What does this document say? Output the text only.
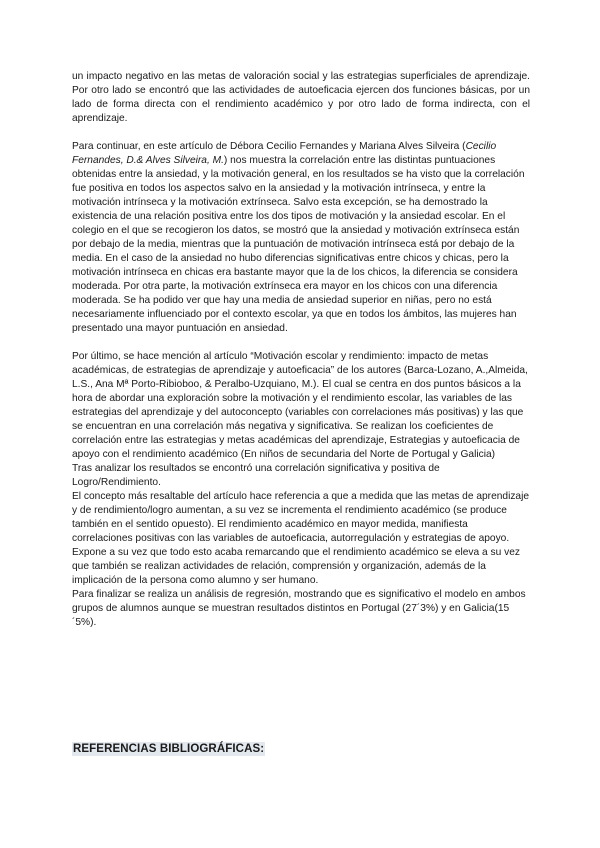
un impacto negativo en las metas de valoración social y las estrategias superficiales de aprendizaje. Por otro lado se encontró que las actividades de autoeficacia ejercen dos funciones básicas, por un lado de forma directa con el rendimiento académico y por otro lado de forma indirecta, con el aprendizaje.

Para continuar, en este artículo de Débora Cecilio Fernandes y Mariana Alves Silveira (Cecilio Fernandes, D.& Alves Silveira, M.) nos muestra la correlación entre las distintas puntuaciones obtenidas entre la ansiedad, y la motivación general, en los resultados se ha visto que la correlación fue positiva en todos los aspectos salvo en la ansiedad y la motivación intrínseca, y entre la motivación intrínseca y la motivación extrínseca. Salvo esta excepción, se ha demostrado la existencia de una relación positiva entre los dos tipos de motivación y la ansiedad escolar. En el colegio en el que se recogieron los datos, se mostró que la ansiedad y motivación extrínseca están por debajo de la media, mientras que la puntuación de motivación intrínseca está por debajo de la media. En el caso de la ansiedad no hubo diferencias significativas entre chicos y chicas, pero la motivación intrínseca en chicas era bastante mayor que la de los chicos, la diferencia se considera moderada. Por otra parte, la motivación extrínseca era mayor en los chicos con una diferencia moderada. Se ha podido ver que hay una media de ansiedad superior en niñas, pero no está necesariamente influenciado por el contexto escolar, ya que en todos los ámbitos, las mujeres han presentado una mayor puntuación en ansiedad.

Por último, se hace mención al artículo “Motivación escolar y rendimiento: impacto de metas académicas, de estrategias de aprendizaje y autoeficacia” de los autores (Barca-Lozano, A.,Almeida, L.S., Ana Mª Porto-Ribioboo, & Peralbo-Uzquiano, M.). El cual se centra en dos puntos básicos a la hora de abordar una exploración sobre la motivación y el rendimiento escolar, las variables de las estrategias del aprendizaje y del autoconcepto (variables con correlaciones más positivas) y las que se encuentran en una correlación más negativa y significativa. Se realizan los coeficientes de correlación entre las estrategias y metas académicas del aprendizaje, Estrategias y autoeficacia de apoyo con el rendimiento académico (En niños de secundaria del Norte de Portugal y Galicia)

Tras analizar los resultados se encontró una correlación significativa y positiva de Logro/Rendimiento.

El concepto más resaltable del artículo hace referencia a que a medida que las metas de aprendizaje y de rendimiento/logro aumentan, a su vez se incrementa el rendimiento académico (se produce también en el sentido opuesto). El rendimiento académico en mayor medida, manifiesta correlaciones positivas con las variables de autoeficacia, autorregulación y estrategias de apoyo.

Expone a su vez que todo esto acaba remarcando que el rendimiento académico se eleva a su vez que también se realizan actividades de relación, comprensión y organización, además de la implicación de la persona como alumno y ser humano.

Para finalizar se realiza un análisis de regresión, mostrando que es significativo el modelo en ambos grupos de alumnos aunque se muestran resultados distintos en Portugal (27´3%) y en Galicia(15´5%).

REFERENCIAS BIBLIOGRÁFICAS:
